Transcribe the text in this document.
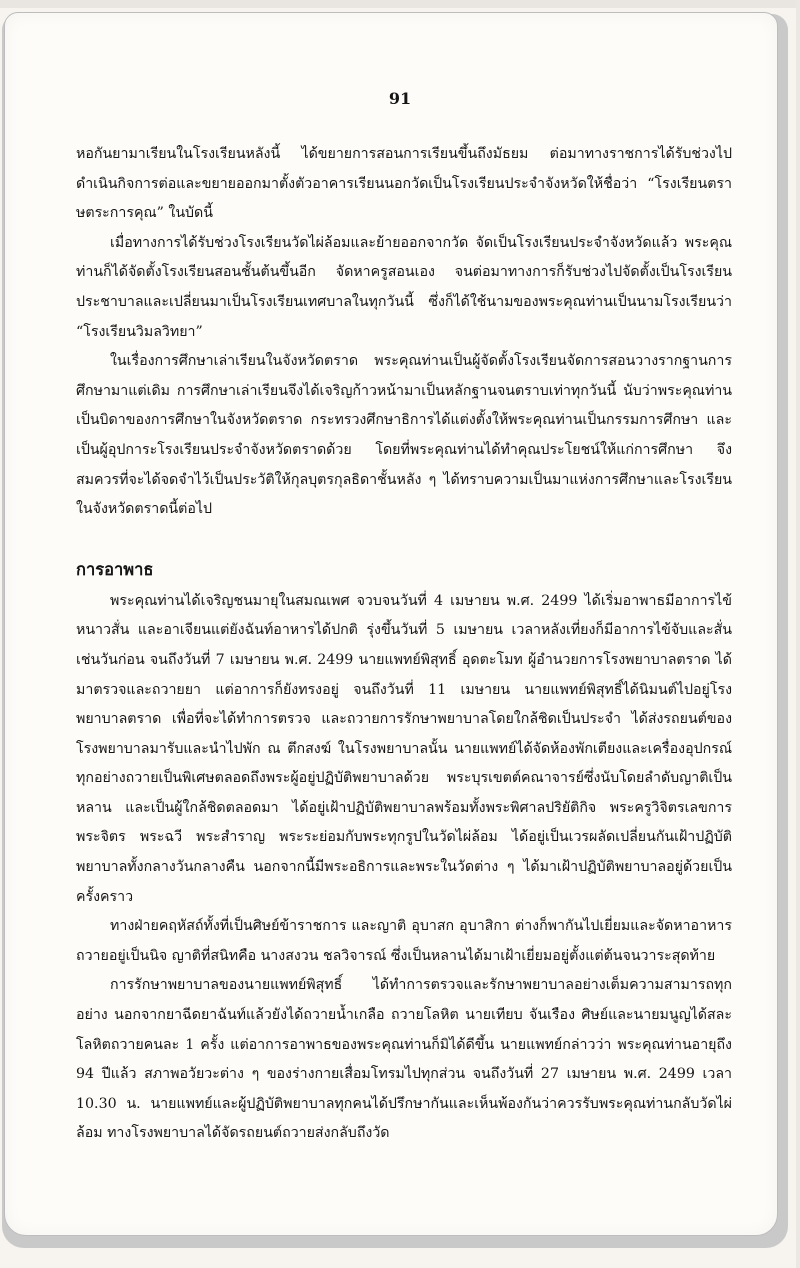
91

หอกันยามาเรียนในโรงเรียนหลังนี้ ได้ขยายการสอนการเรียนขึ้นถึงมัธยม ต่อมาทางราชการได้รับช่วงไปดำเนินกิจการต่อและขยายออกมาตั้งตัวอาคารเรียนนอกวัดเป็นโรงเรียนประจำจังหวัดให้ชื่อว่า “โรงเรียนตราษตระการคุณ” ในบัดนี้

เมื่อทางการได้รับช่วงโรงเรียนวัดไผ่ล้อมและย้ายออกจากวัด จัดเป็นโรงเรียนประจำจังหวัดแล้ว พระคุณท่านก็ได้จัดตั้งโรงเรียนสอนชั้นต้นขึ้นอีก จัดหาครูสอนเอง จนต่อมาทางการก็รับช่วงไปจัดตั้งเป็นโรงเรียนประชาบาลและเปลี่ยนมาเป็นโรงเรียนเทศบาลในทุกวันนี้ ซึ่งก็ได้ใช้นามของพระคุณท่านเป็นนามโรงเรียนว่า “โรงเรียนวิมลวิทยา”

ในเรื่องการศึกษาเล่าเรียนในจังหวัดตราด พระคุณท่านเป็นผู้จัดตั้งโรงเรียนจัดการสอนวางรากฐานการศึกษามาแต่เดิม การศึกษาเล่าเรียนจึงได้เจริญก้าวหน้ามาเป็นหลักฐานจนตราบเท่าทุกวันนี้ นับว่าพระคุณท่านเป็นบิดาของการศึกษาในจังหวัดตราด กระทรวงศึกษาธิการได้แต่งตั้งให้พระคุณท่านเป็นกรรมการศึกษา และเป็นผู้อุปการะโรงเรียนประจำจังหวัดตราดด้วย โดยที่พระคุณท่านได้ทำคุณประโยชน์ให้แก่การศึกษา จึงสมควรที่จะได้จดจำไว้เป็นประวัติให้กุลบุตรกุลธิดาชั้นหลัง ๆ ได้ทราบความเป็นมาแห่งการศึกษาและโรงเรียนในจังหวัดตราดนี้ต่อไป

การอาพาธ

พระคุณท่านได้เจริญชนมายุในสมณเพศ จวบจนวันที่ 4 เมษายน พ.ศ. 2499 ได้เริ่มอาพาธมีอาการไข้หนาวสั่น และอาเจียนแต่ยังฉันท์อาหารได้ปกติ รุ่งขึ้นวันที่ 5 เมษายน เวลาหลังเที่ยงก็มีอาการไข้จับและสั่นเช่นวันก่อน จนถึงวันที่ 7 เมษายน พ.ศ. 2499 นายแพทย์พิสุทธิ์ อุดตะโมท ผู้อำนวยการโรงพยาบาลตราด ได้มาตรวจและถวายยา แต่อาการก็ยังทรงอยู่ จนถึงวันที่ 11 เมษายน นายแพทย์พิสุทธิ์ได้นิมนต์ไปอยู่โรงพยาบาลตราด เพื่อที่จะได้ทำการตรวจ และถวายการรักษาพยาบาลโดยใกล้ชิดเป็นประจำ ได้ส่งรถยนต์ของโรงพยาบาลมารับและนำไปพัก ณ ตึกสงฆ์ ในโรงพยาบาลนั้น นายแพทย์ได้จัดห้องพักเตียงและเครื่องอุปกรณ์ ทุกอย่างถวายเป็นพิเศษตลอดถึงพระผู้อยู่ปฏิบัติพยาบาลด้วย พระบุรเขตต์คณาจารย์ซึ่งนับโดยลำดับญาติเป็นหลาน และเป็นผู้ใกล้ชิดตลอดมา ได้อยู่เฝ้าปฏิบัติพยาบาลพร้อมทั้งพระพิศาลปริยัติกิจ พระครูวิจิตรเลขการ พระจิตร พระฉวี พระสำราญ พระระย่อมกับพระทุกรูปในวัดไผ่ล้อม ได้อยู่เป็นเวรผลัดเปลี่ยนกันเฝ้าปฏิบัติพยาบาลทั้งกลางวันกลางคืน นอกจากนี้มีพระอธิการและพระในวัดต่าง ๆ ได้มาเฝ้าปฏิบัติพยาบาลอยู่ด้วยเป็นครั้งคราว

ทางฝ่ายคฤหัสถ์ทั้งที่เป็นศิษย์ข้าราชการ และญาติ อุบาสก อุบาสิกา ต่างก็พากันไปเยี่ยมและจัดหาอาหารถวายอยู่เป็นนิจ ญาติที่สนิทคือ นางสงวน ชลวิจารณ์ ซึ่งเป็นหลานได้มาเฝ้าเยี่ยมอยู่ตั้งแต่ต้นจนวาระสุดท้าย

การรักษาพยาบาลของนายแพทย์พิสุทธิ์ ได้ทำการตรวจและรักษาพยาบาลอย่างเต็มความสามารถทุกอย่าง นอกจากยาฉีดยาฉันท์แล้วยังได้ถวายน้ำเกลือ ถวายโลหิต นายเทียบ จันเรือง ศิษย์และนายมนูญได้สละโลหิตถวายคนละ 1 ครั้ง แต่อาการอาพาธของพระคุณท่านก็มิได้ดีขึ้น นายแพทย์กล่าวว่า พระคุณท่านอายุถึง 94 ปีแล้ว สภาพอวัยวะต่าง ๆ ของร่างกายเสื่อมโทรมไปทุกส่วน จนถึงวันที่ 27 เมษายน พ.ศ. 2499 เวลา 10.30 น. นายแพทย์และผู้ปฏิบัติพยาบาลทุกคนได้ปรึกษากันและเห็นพ้องกันว่าควรรับพระคุณท่านกลับวัดไผ่ล้อม ทางโรงพยาบาลได้จัดรถยนต์ถวายส่งกลับถึงวัด
